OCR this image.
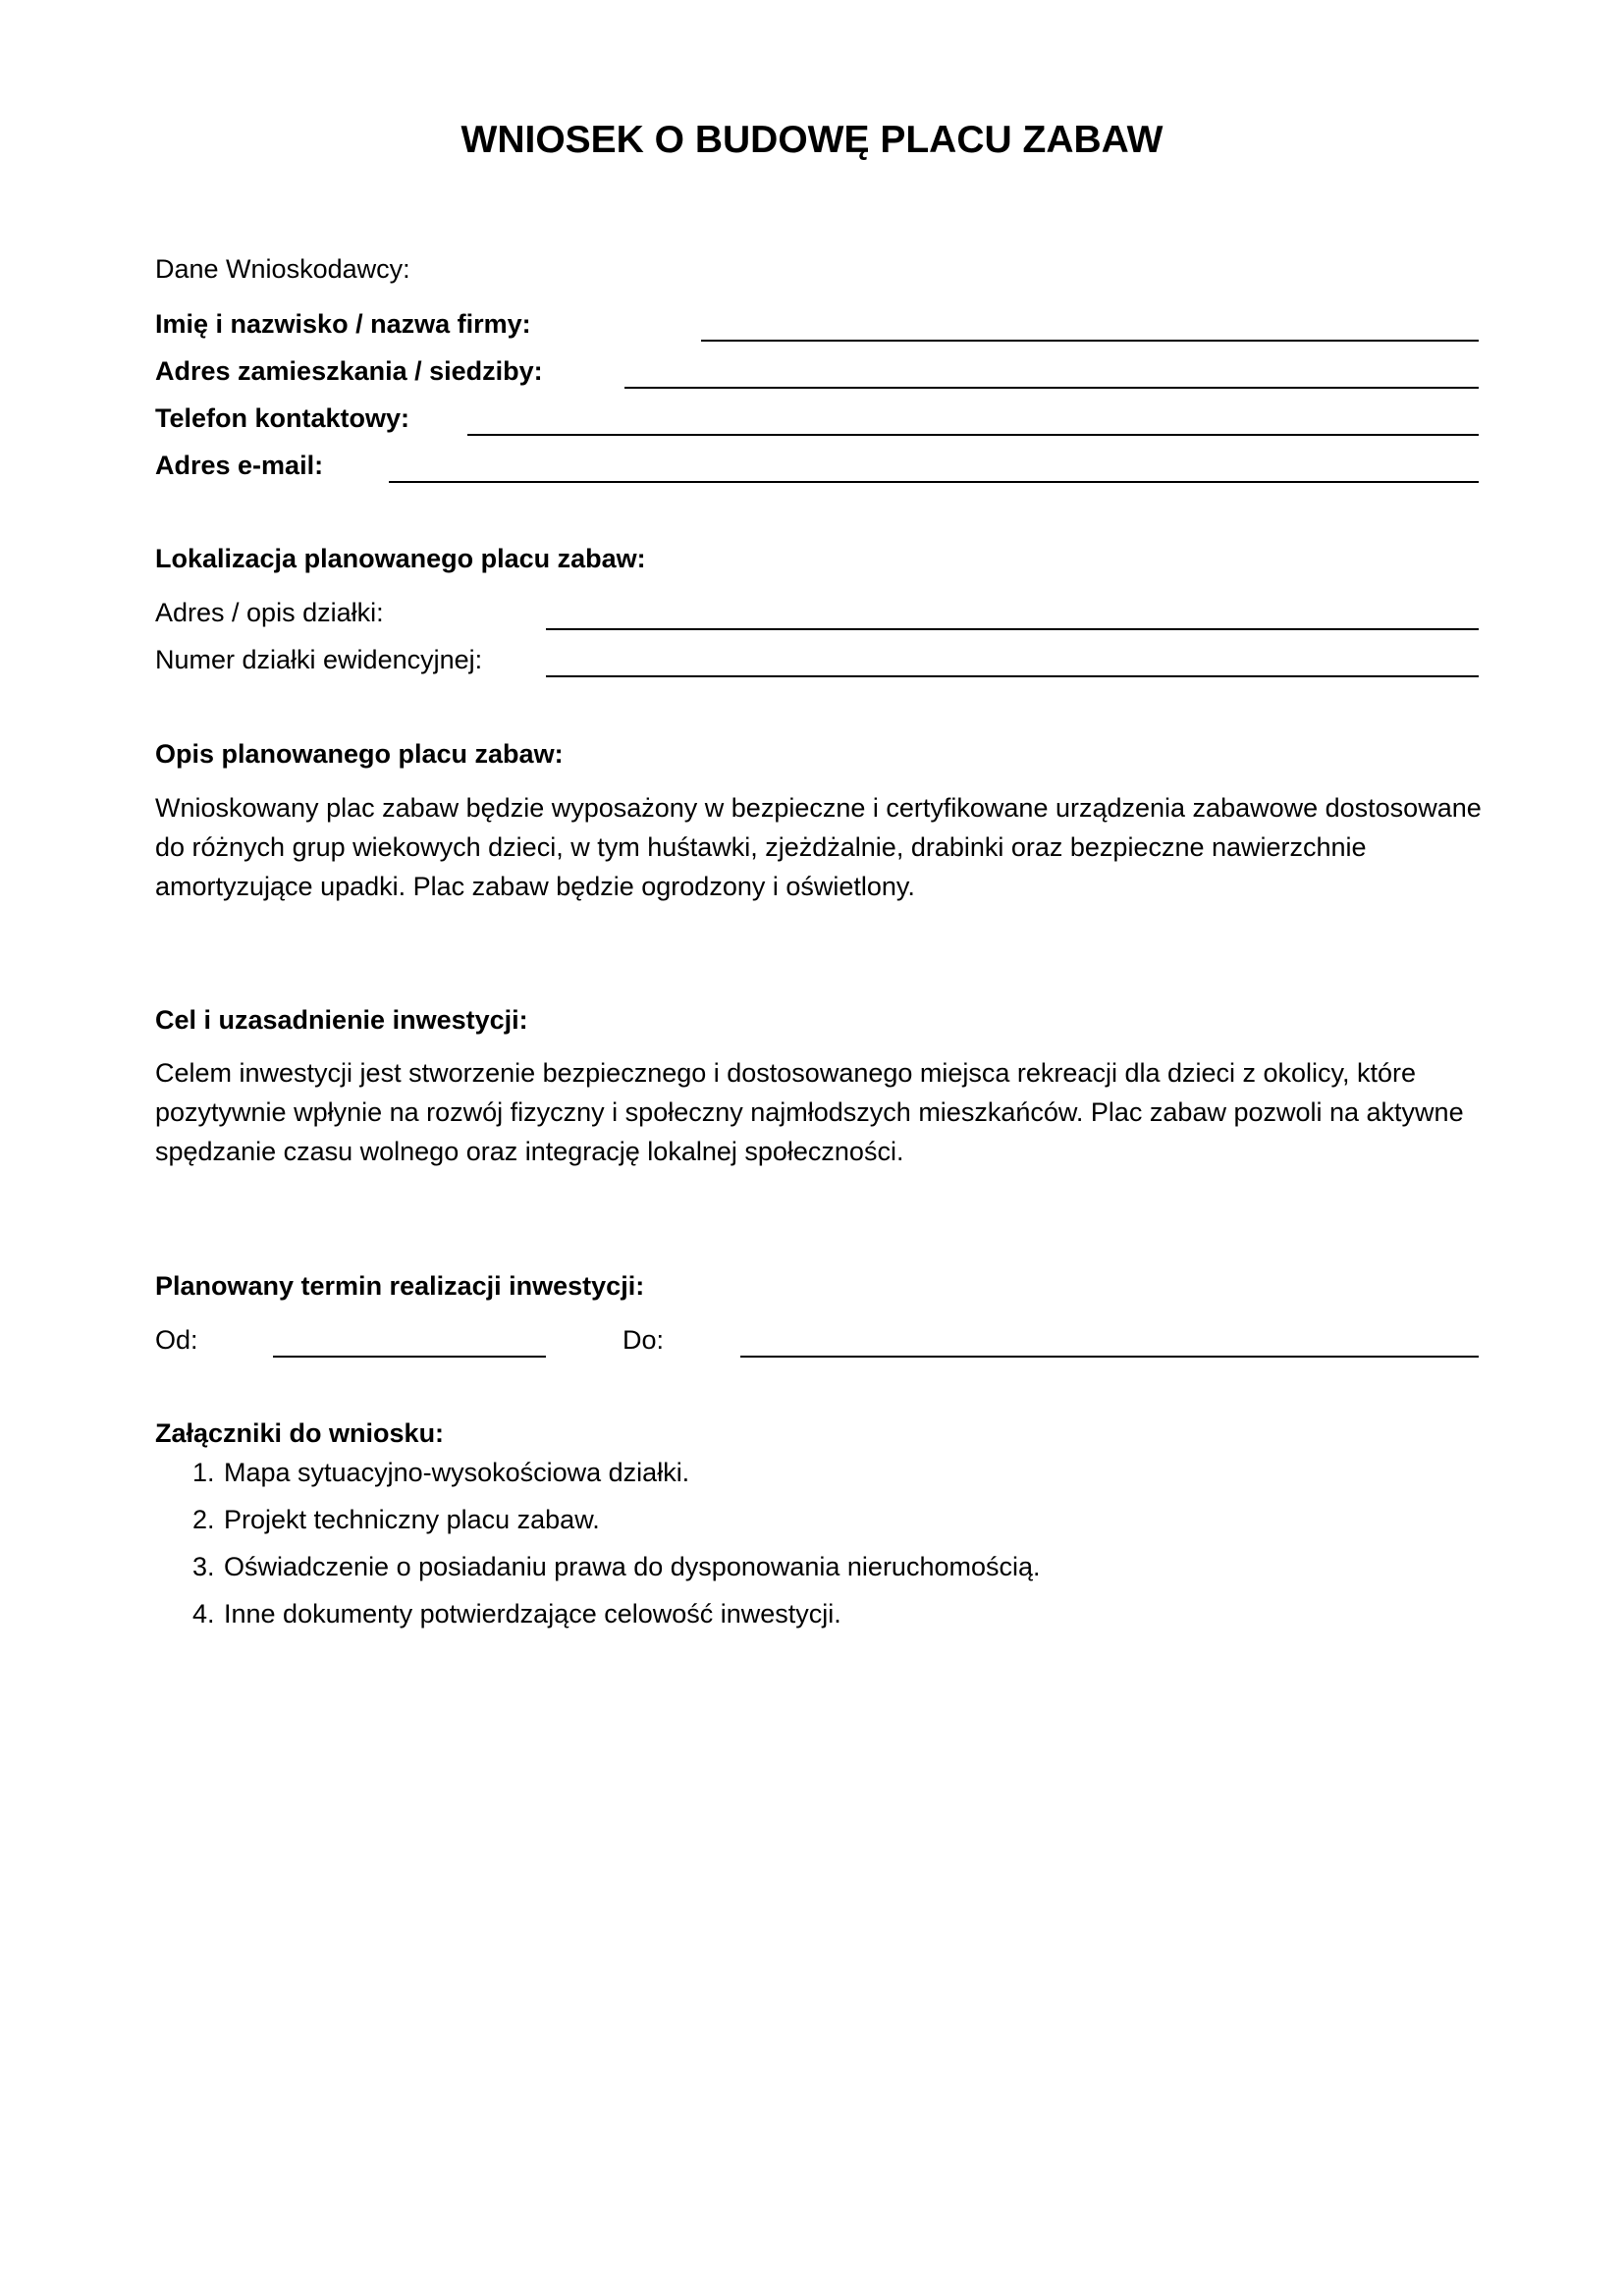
WNIOSEK O BUDOWĘ PLACU ZABAW

Dane Wnioskodawcy:

Imię i nazwisko / nazwa firmy:

Adres zamieszkania / siedziby:

Telefon kontaktowy:

Adres e-mail:

Lokalizacja planowanego placu zabaw:

Adres / opis działki:

Numer działki ewidencyjnej:

Opis planowanego placu zabaw:

Wnioskowany plac zabaw będzie wyposażony w bezpieczne i certyfikowane urządzenia zabawowe dostosowane do różnych grup wiekowych dzieci, w tym huśtawki, zjeżdżalnie, drabinki oraz bezpieczne nawierzchnie amortyzujące upadki. Plac zabaw będzie ogrodzony i oświetlony.

Cel i uzasadnienie inwestycji:

Celem inwestycji jest stworzenie bezpiecznego i dostosowanego miejsca rekreacji dla dzieci z okolicy, które pozytywnie wpłynie na rozwój fizyczny i społeczny najmłodszych mieszkańców. Plac zabaw pozwoli na aktywne spędzanie czasu wolnego oraz integrację lokalnej społeczności.

Planowany termin realizacji inwestycji:

Od:	Do:

Załączniki do wniosku:

1. Mapa sytuacyjno-wysokościowa działki.
2. Projekt techniczny placu zabaw.
3. Oświadczenie o posiadaniu prawa do dysponowania nieruchomością.
4. Inne dokumenty potwierdzające celowość inwestycji.
